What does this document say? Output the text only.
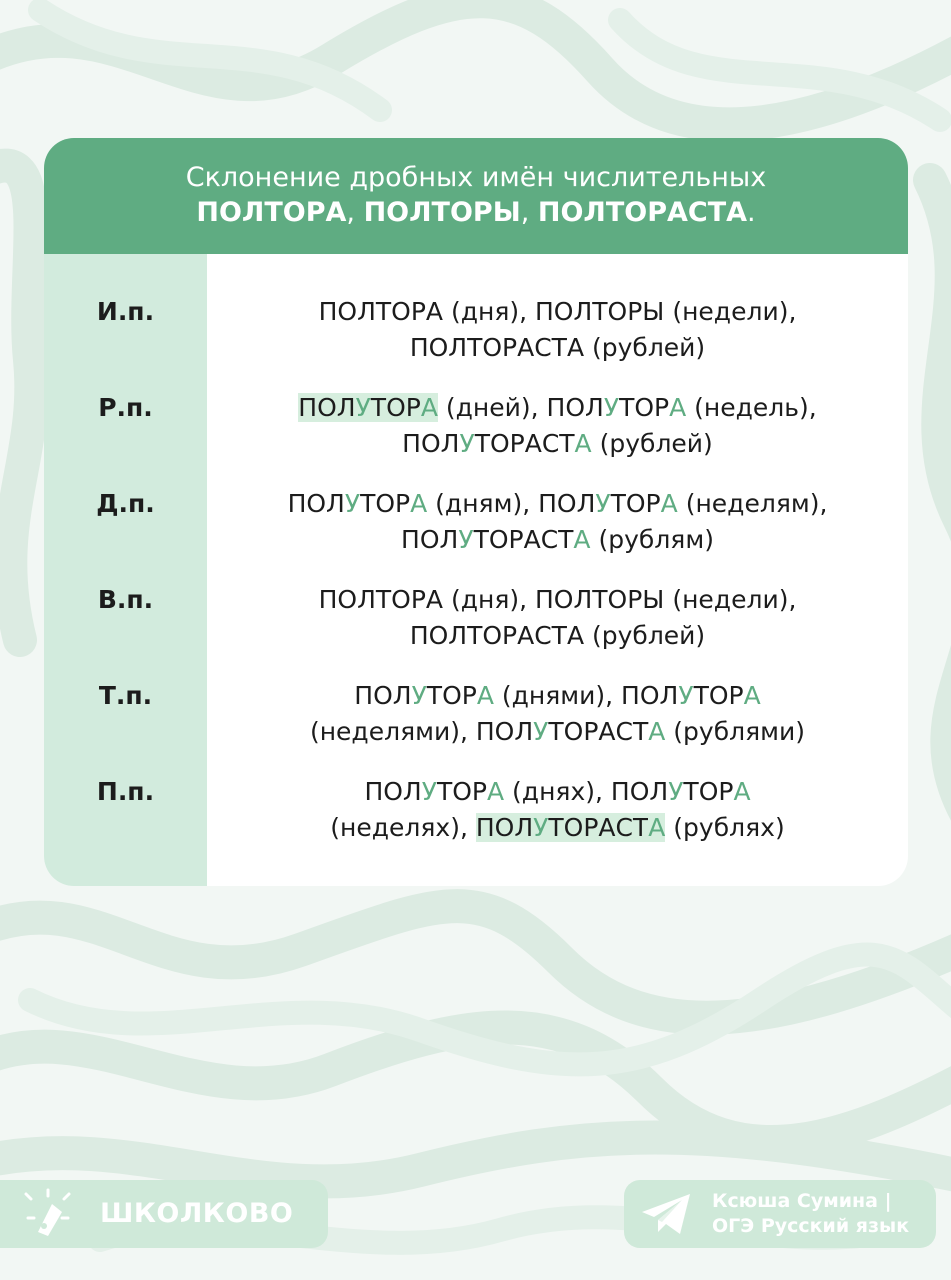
Склонение дробных имён числительных
ПОЛТОРА, ПОЛТОРЫ, ПОЛТОРАСТА.
И.п.	ПОЛТОРА (дня), ПОЛТОРЫ (недели),
ПОЛТОРАСТА (рублей)
Р.п.	ПОЛУТОРА (дней), ПОЛУТОРА (недель),
ПОЛУТОРАСТА (рублей)
Д.п.	ПОЛУТОРА (дням), ПОЛУТОРА (неделям),
ПОЛУТОРАСТА (рублям)
В.п.	ПОЛТОРА (дня), ПОЛТОРЫ (недели),
ПОЛТОРАСТА (рублей)
Т.п.	ПОЛУТОРА (днями), ПОЛУТОРА
(неделями), ПОЛУТОРАСТА (рублями)
П.п.	ПОЛУТОРА (днях), ПОЛУТОРА
(неделях), ПОЛУТОРАСТА (рублях)
ШКОЛКОВО	Ксюша Сумина |
ОГЭ Русский язык
